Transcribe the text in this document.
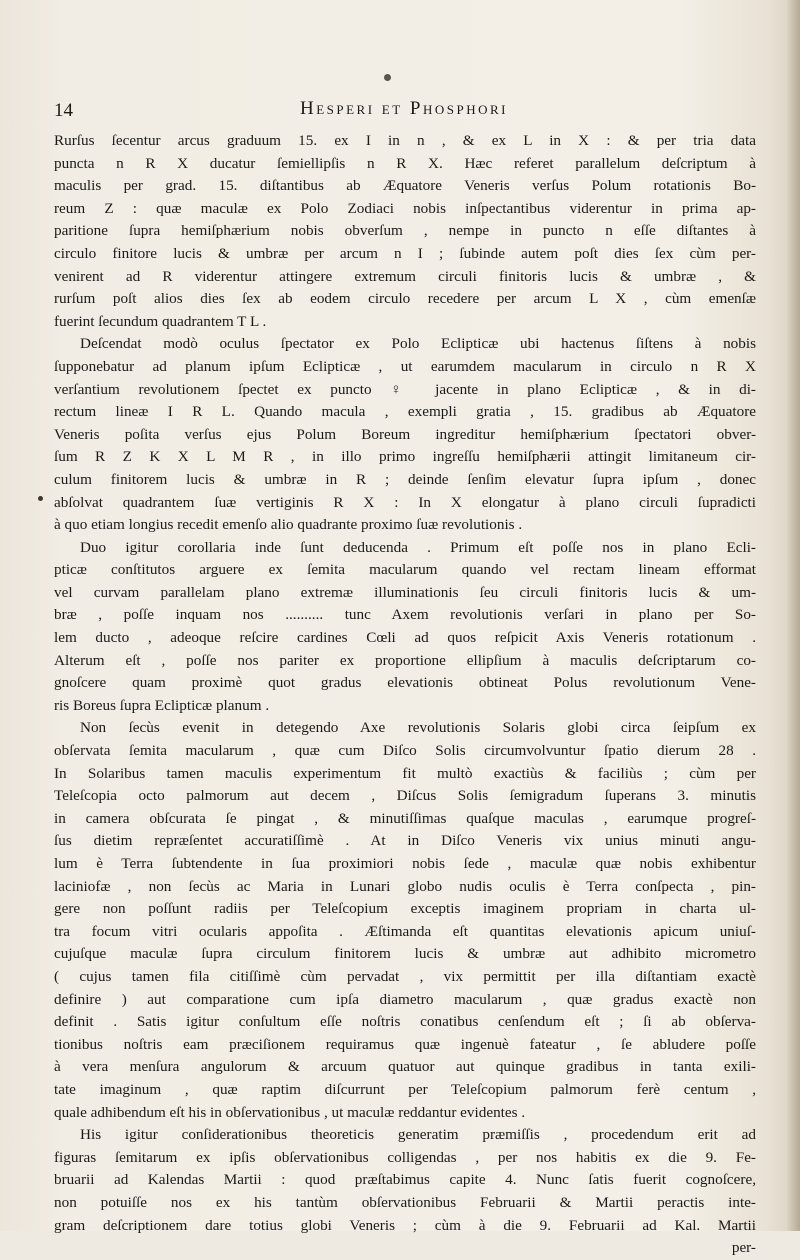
14	Hesperi et Phosphori
Rurſus ſecentur arcus graduum 15. ex I in n , & ex L in X : & per tria data
puncta n R X ducatur ſemiellipſis n R X. Hæc referet parallelum deſcriptum à
maculis per grad. 15. diſtantibus ab Æquatore Veneris verſus Polum rotationis Bo-
reum Z : quæ maculæ ex Polo Zodiaci nobis inſpectantibus viderentur in prima ap-
paritione ſupra hemiſphærium nobis obverſum , nempe in puncto n eſſe diſtantes à
circulo finitore lucis & umbræ per arcum n I ; ſubinde autem poſt dies ſex cùm per-
venirent ad R viderentur attingere extremum circuli finitoris lucis & umbræ , &
rurſum poſt alios dies ſex ab eodem circulo recedere per arcum L X , cùm emenſæ
fuerint ſecundum quadrantem T L .
Deſcendat modò oculus ſpectator ex Polo Eclipticæ ubi hactenus ſiſtens à nobis
ſupponebatur ad planum ipſum Eclipticæ , ut earumdem macularum in circulo n R X
verſantium revolutionem ſpectet ex puncto ♀ jacente in plano Eclipticæ , & in di-
rectum lineæ I R L. Quando macula , exempli gratia , 15. gradibus ab Æquatore
Veneris poſita verſus ejus Polum Boreum ingreditur hemiſphærium ſpectatori obver-
ſum R Z K X L M R , in illo primo ingreſſu hemiſphærii attingit limitaneum cir-
culum finitorem lucis & umbræ in R ; deinde ſenſim elevatur ſupra ipſum , donec
abſolvat quadrantem ſuæ vertiginis R X : In X elongatur à plano circuli ſupradicti
à quo etiam longius recedit emenſo alio quadrante proximo ſuæ revolutionis .
Duo igitur corollaria inde ſunt deducenda . Primum eſt poſſe nos in plano Ecli-
pticæ conſtitutos arguere ex ſemita macularum quando vel rectam lineam efformat
vel curvam parallelam plano extremæ illuminationis ſeu circuli finitoris lucis & um-
bræ , poſſe inquam nos .......... tunc Axem revolutionis verſari in plano per So-
lem ducto , adeoque reſcire cardines Cœli ad quos reſpicit Axis Veneris rotationum .
Alterum eſt , poſſe nos pariter ex proportione ellipſium à maculis deſcriptarum co-
gnoſcere quam proximè quot gradus elevationis obtineat Polus revolutionum Vene-
ris Boreus ſupra Eclipticæ planum .
Non ſecùs evenit in detegendo Axe revolutionis Solaris globi circa ſeipſum ex
obſervata ſemita macularum , quæ cum Diſco Solis circumvolvuntur ſpatio dierum 28 .
In Solaribus tamen maculis experimentum fit multò exactiùs & faciliùs ; cùm per
Teleſcopia octo palmorum aut decem , Diſcus Solis ſemigradum ſuperans 3. minutis
in camera obſcurata ſe pingat , & minutiſſimas quaſque maculas , earumque progreſ-
ſus dietim repræſentet accuratiſſimè . At in Diſco Veneris vix unius minuti angu-
lum è Terra ſubtendente in ſua proximiori nobis ſede , maculæ quæ nobis exhibentur
laciniofæ , non ſecùs ac Maria in Lunari globo nudis oculis è Terra conſpecta , pin-
gere non poſſunt radiis per Teleſcopium exceptis imaginem propriam in charta ul-
tra focum vitri ocularis appoſita . Æſtimanda eſt quantitas elevationis apicum uniuſ-
cujuſque maculæ ſupra circulum finitorem lucis & umbræ aut adhibito micrometro
( cujus tamen fila citiſſimè cùm pervadat , vix permittit per illa diſtantiam exactè
definire ) aut comparatione cum ipſa diametro macularum , quæ gradus exactè non
definit . Satis igitur conſultum eſſe noſtris conatibus cenſendum eſt ; ſi ab obſerva-
tionibus noſtris eam præciſionem requiramus quæ ingenuè fateatur , ſe abludere poſſe
à vera menſura angulorum & arcuum quatuor aut quinque gradibus in tanta exili-
tate imaginum , quæ raptim diſcurrunt per Teleſcopium palmorum ferè centum ,
quale adhibendum eſt his in obſervationibus , ut maculæ reddantur evidentes .
His igitur conſiderationibus theoreticis generatim præmiſſis , procedendum erit ad
figuras ſemitarum ex ipſis obſervationibus colligendas , per nos habitis ex die 9. Fe-
bruarii ad Kalendas Martii : quod præſtabimus capite 4. Nunc ſatis fuerit cognoſcere,
non potuiſſe nos ex his tantùm obſervationibus Februarii & Martii peractis inte-
gram deſcriptionem dare totius globi Veneris ; cùm à die 9. Februarii ad Kal. Martii
per-
